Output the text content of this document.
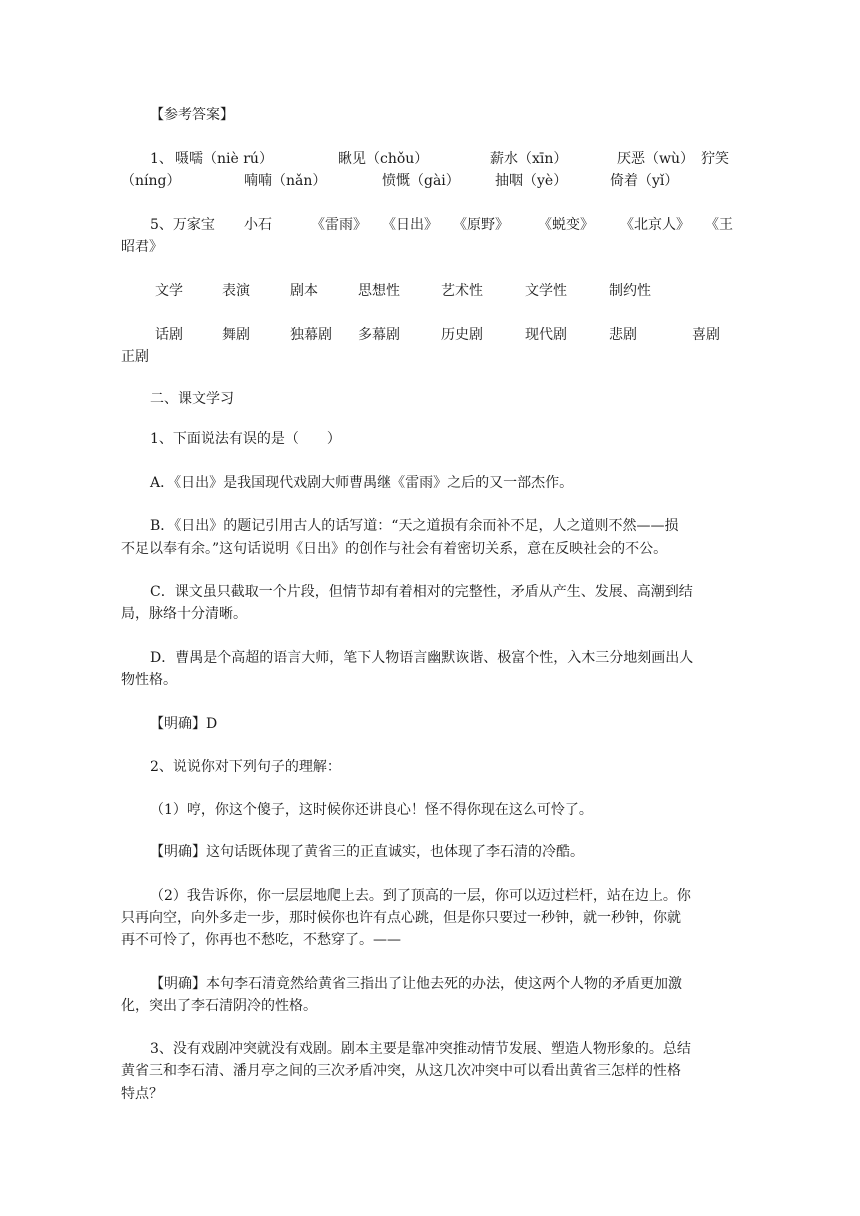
【参考答案】
1、 嗫嚅（niè rú）	瞅见（chǒu）	薪水（xīn）	厌恶（wù） 狞笑
（níng）	喃喃（nǎn）	愤慨（gài）	抽咽（yè）	倚着（yǐ）
5、万家宝 小石	《雷雨》 《日出》 《原野》 《蜕变》 《北京人》 《王
昭君》
文学	表演	剧本	思想性	艺术性	文学性	制约性
话剧	舞剧	独幕剧 多幕剧	历史剧	现代剧	悲剧	喜剧
正剧
二、课文学习
1、下面说法有误的是（　　）
A．《日出》是我国现代戏剧大师曹禺继《雷雨》之后的又一部杰作。
B．《日出》的题记引用古人的话写道：“天之道损有余而补不足，人之道则不然——损
不足以奉有余。”这句话说明《日出》的创作与社会有着密切关系，意在反映社会的不公。
C．课文虽只截取一个片段，但情节却有着相对的完整性，矛盾从产生、发展、高潮到结
局，脉络十分清晰。
D．曹禺是个高超的语言大师，笔下人物语言幽默诙谐、极富个性，入木三分地刻画出人
物性格。
【明确】D
2、说说你对下列句子的理解：
（1）哼，你这个傻子，这时候你还讲良心！怪不得你现在这么可怜了。
【明确】这句话既体现了黄省三的正直诚实，也体现了李石清的冷酷。
（2）我告诉你，你一层层地爬上去。到了顶高的一层，你可以迈过栏杆，站在边上。你
只再向空，向外多走一步，那时候你也许有点心跳，但是你只要过一秒钟，就一秒钟，你就
再不可怜了，你再也不愁吃，不愁穿了。——
【明确】本句李石清竟然给黄省三指出了让他去死的办法，使这两个人物的矛盾更加激
化，突出了李石清阴冷的性格。
3、没有戏剧冲突就没有戏剧。剧本主要是靠冲突推动情节发展、塑造人物形象的。总结
黄省三和李石清、潘月亭之间的三次矛盾冲突，从这几次冲突中可以看出黄省三怎样的性格
特点？
